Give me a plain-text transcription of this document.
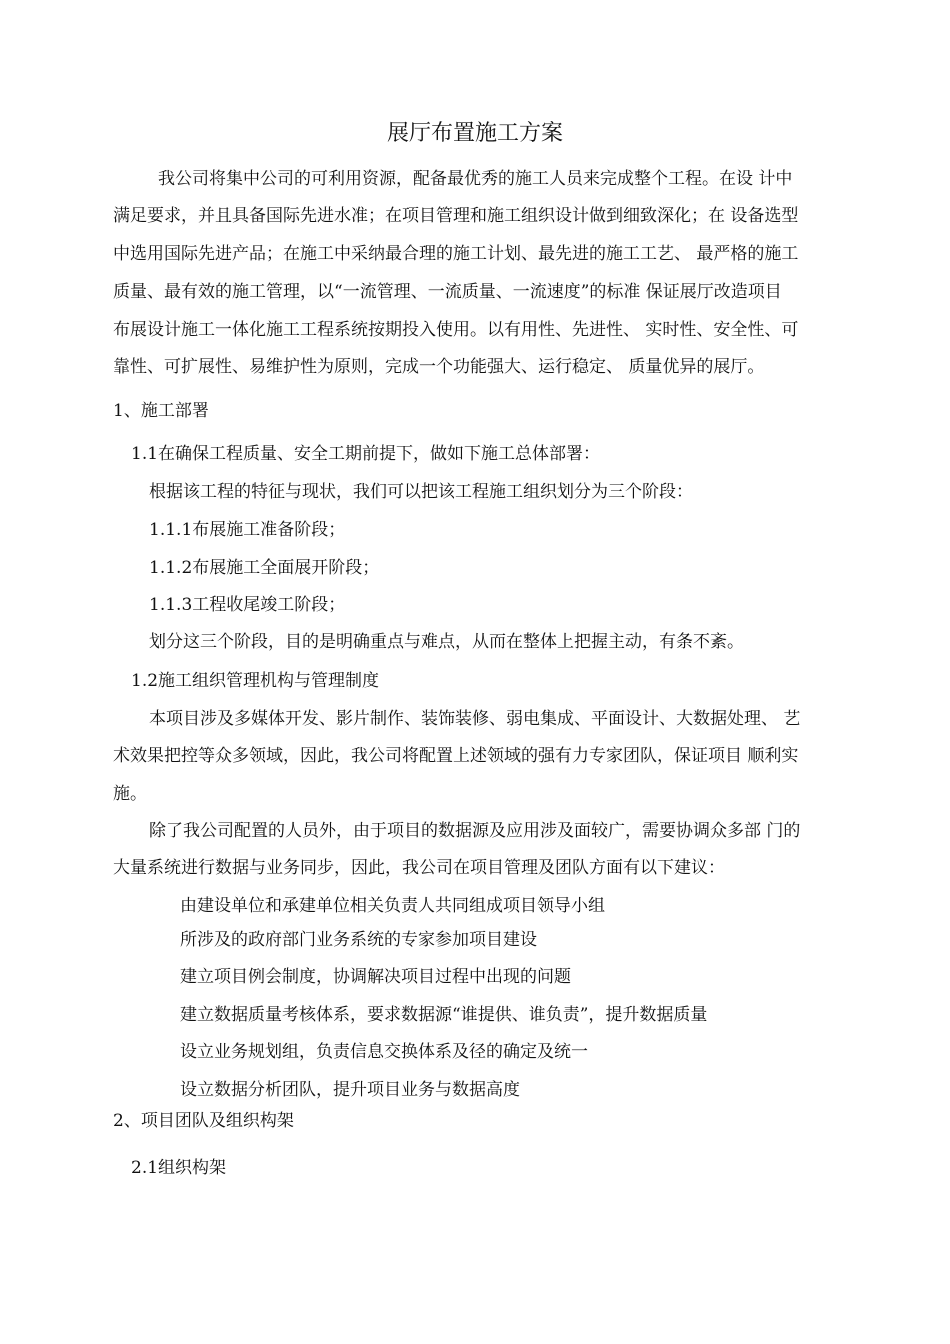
展厅布置施工方案
我公司将集中公司的可利用资源，配备最优秀的施工人员来完成整个工程。在设 计中
满足要求，并且具备国际先进水准；在项目管理和施工组织设计做到细致深化；在 设备选型
中选用国际先进产品；在施工中采纳最合理的施工计划、最先进的施工工艺、 最严格的施工
质量、最有效的施工管理，以“一流管理、一流质量、一流速度”的标准 保证展厅改造项目
布展设计施工一体化施工工程系统按期投入使用。以有用性、先进性、 实时性、安全性、可
靠性、可扩展性、易维护性为原则，完成一个功能强大、运行稳定、 质量优异的展厅。
1、施工部署
1.1在确保工程质量、安全工期前提下，做如下施工总体部署：
根据该工程的特征与现状，我们可以把该工程施工组织划分为三个阶段：
1.1.1布展施工准备阶段；
1.1.2布展施工全面展开阶段；
1.1.3工程收尾竣工阶段；
划分这三个阶段，目的是明确重点与难点，从而在整体上把握主动，有条不紊。
1.2施工组织管理机构与管理制度
本项目涉及多媒体开发、影片制作、装饰装修、弱电集成、平面设计、大数据处理、 艺
术效果把控等众多领域，因此，我公司将配置上述领域的强有力专家团队，保证项目 顺利实
施。
除了我公司配置的人员外，由于项目的数据源及应用涉及面较广，需要协调众多部 门的
大量系统进行数据与业务同步，因此，我公司在项目管理及团队方面有以下建议：
由建设单位和承建单位相关负责人共同组成项目领导小组
所涉及的政府部门业务系统的专家参加项目建设
建立项目例会制度，协调解决项目过程中出现的问题
建立数据质量考核体系，要求数据源“谁提供、谁负责”，提升数据质量
设立业务规划组，负责信息交换体系及径的确定及统一
设立数据分析团队，提升项目业务与数据高度
2、项目团队及组织构架
2.1组织构架
